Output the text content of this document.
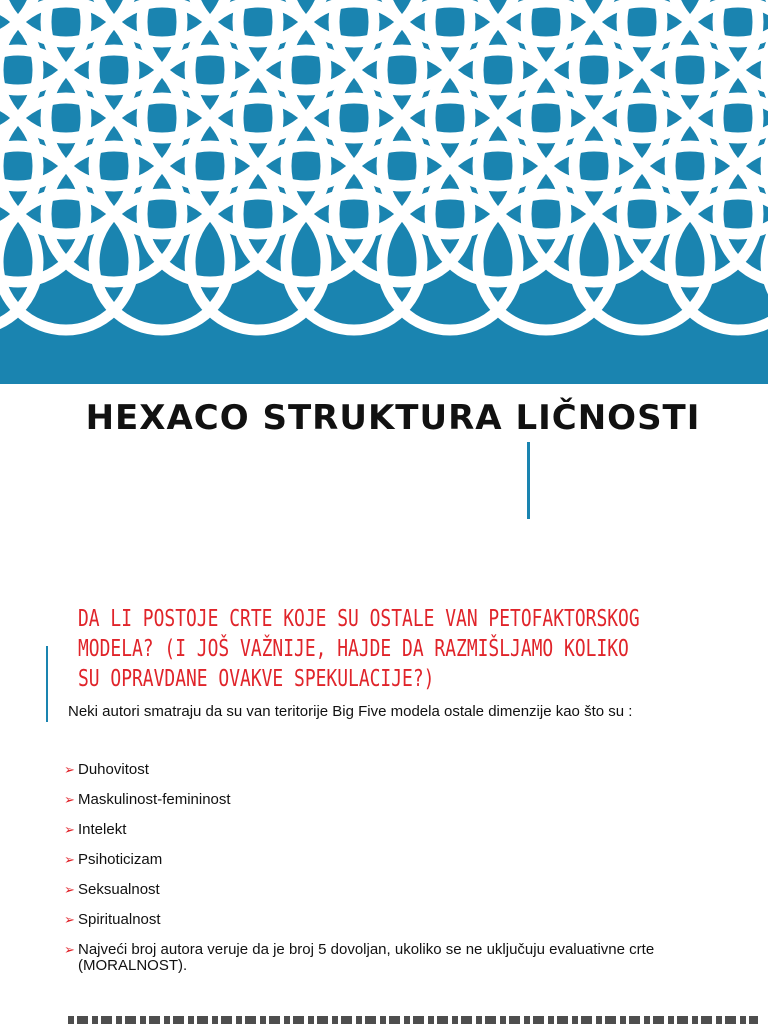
HEXACO STRUKTURA LIČNOSTI
DA LI POSTOJE CRTE KOJE SU OSTALE VAN PETOFAKTORSKOG
MODELA? (I JOŠ VAŽNIJE, HAJDE DA RAZMIŠLJAMO KOLIKO
SU OPRAVDANE OVAKVE SPEKULACIJE?)
Neki autori smatraju da su van teritorije Big Five modela ostale dimenzije kao što su :
➢ Duhovitost
➢ Maskulinost-femininost
➢ Intelekt
➢ Psihoticizam
➢ Seksualnost
➢ Spiritualnost
➢ Najveći broj autora veruje da je broj 5 dovoljan, ukoliko se ne uključuju evaluativne crte (MORALNOST).
